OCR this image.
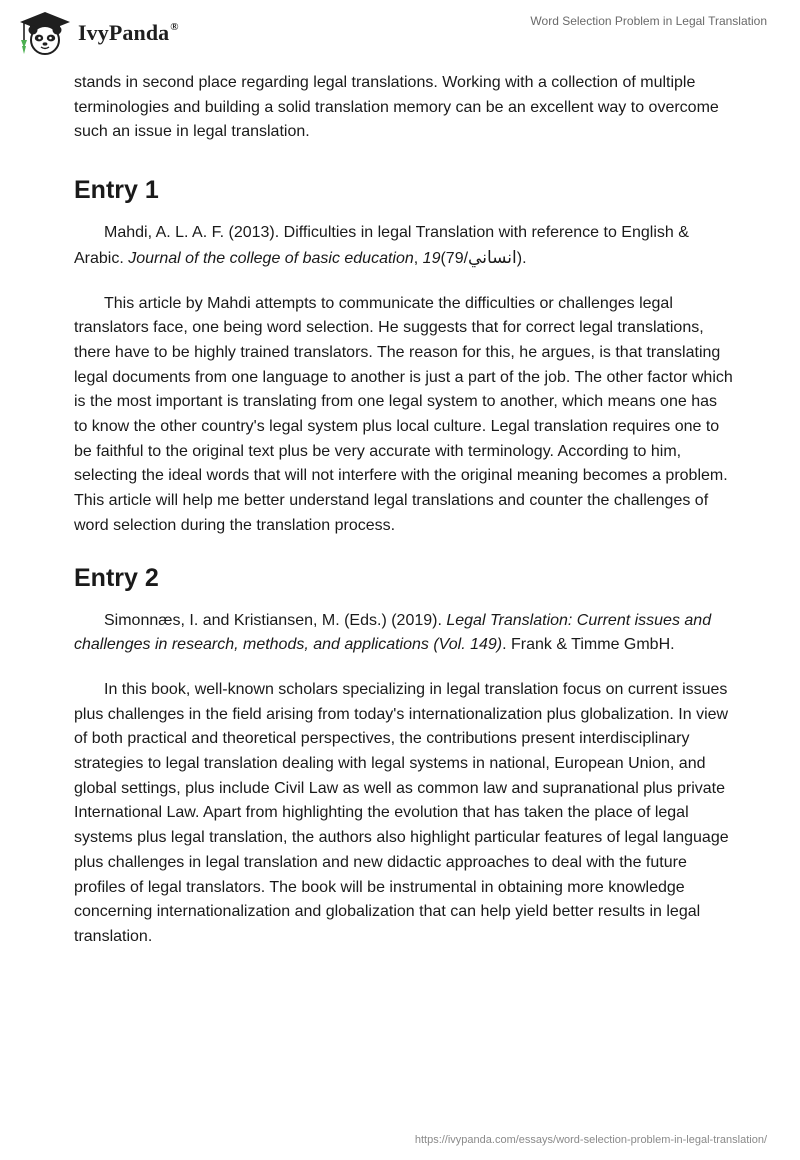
IvyPanda®	Word Selection Problem in Legal Translation

stands in second place regarding legal translations. Working with a collection of multiple terminologies and building a solid translation memory can be an excellent way to overcome such an issue in legal translation.

Entry 1

Mahdi, A. L. A. F. (2013). Difficulties in legal Translation with reference to English & Arabic. Journal of the college of basic education, 19(79/انساني).

This article by Mahdi attempts to communicate the difficulties or challenges legal translators face, one being word selection. He suggests that for correct legal translations, there have to be highly trained translators. The reason for this, he argues, is that translating legal documents from one language to another is just a part of the job. The other factor which is the most important is translating from one legal system to another, which means one has to know the other country's legal system plus local culture. Legal translation requires one to be faithful to the original text plus be very accurate with terminology. According to him, selecting the ideal words that will not interfere with the original meaning becomes a problem. This article will help me better understand legal translations and counter the challenges of word selection during the translation process.

Entry 2

Simonnæs, I. and Kristiansen, M. (Eds.) (2019). Legal Translation: Current issues and challenges in research, methods, and applications (Vol. 149). Frank & Timme GmbH.

In this book, well-known scholars specializing in legal translation focus on current issues plus challenges in the field arising from today's internationalization plus globalization. In view of both practical and theoretical perspectives, the contributions present interdisciplinary strategies to legal translation dealing with legal systems in national, European Union, and global settings, plus include Civil Law as well as common law and supranational plus private International Law. Apart from highlighting the evolution that has taken the place of legal systems plus legal translation, the authors also highlight particular features of legal language plus challenges in legal translation and new didactic approaches to deal with the future profiles of legal translators. The book will be instrumental in obtaining more knowledge concerning internationalization and globalization that can help yield better results in legal translation.

https://ivypanda.com/essays/word-selection-problem-in-legal-translation/
